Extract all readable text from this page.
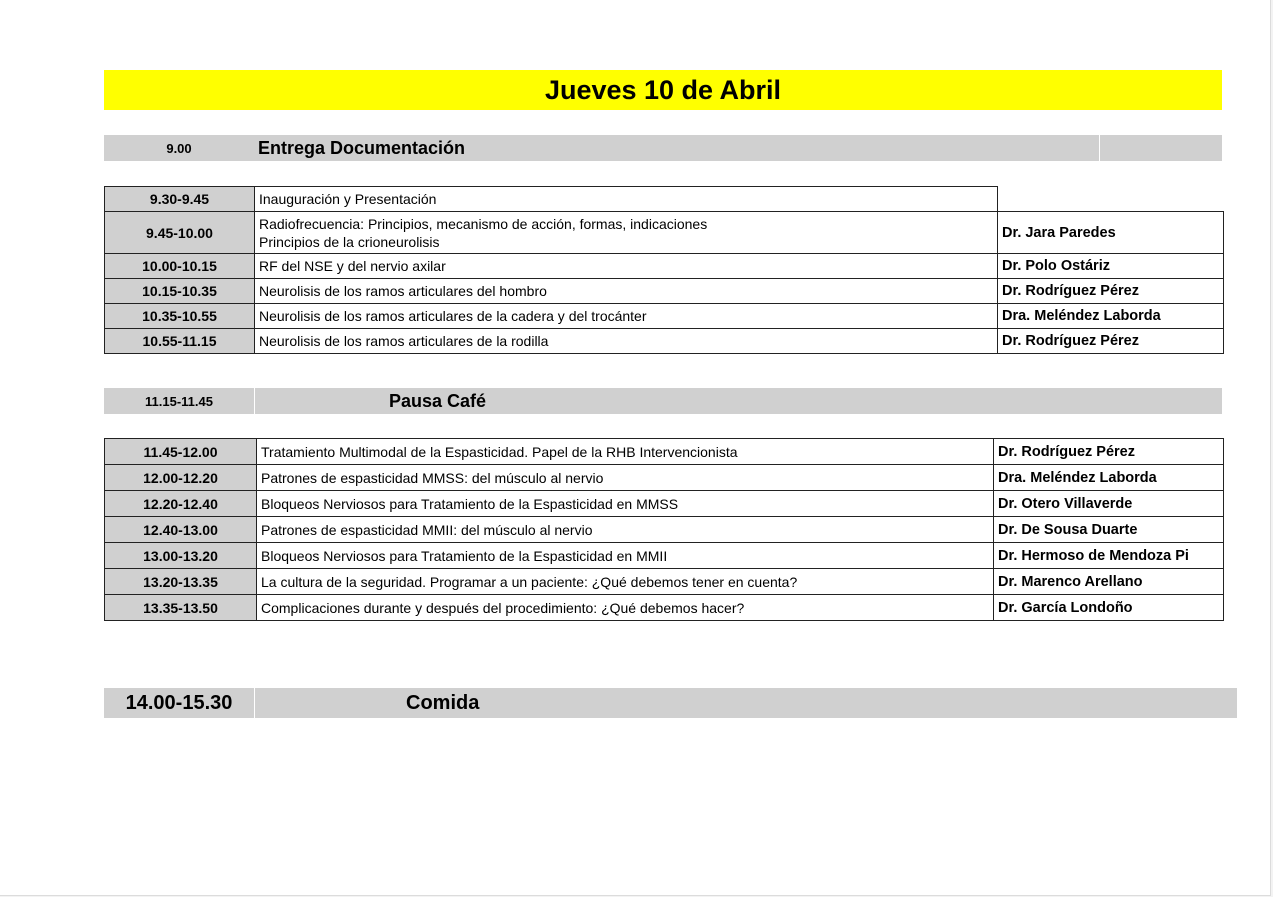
Jueves 10 de Abril
9.00	Entrega Documentación
9.30-9.45	Inauguración y Presentación	

9.45-10.00	Radiofrecuencia: Principios, mecanismo de acción, formas, indicaciones
Principios de la crioneurolisis	Dr. Jara Paredes
10.00-10.15	RF del NSE y del nervio axilar	Dr. Polo Ostáriz
10.15-10.35	Neurolisis de los ramos articulares del hombro	Dr. Rodríguez Pérez
10.35-10.55	Neurolisis de los ramos articulares de la cadera y del trocánter	Dra. Meléndez Laborda
10.55-11.15	Neurolisis de los ramos articulares de la rodilla	Dr. Rodríguez Pérez
11.15-11.45	Pausa Café
11.45-12.00	Tratamiento Multimodal de la Espasticidad. Papel de la RHB Intervencionista	Dr. Rodríguez Pérez
12.00-12.20	Patrones de espasticidad MMSS: del músculo al nervio	Dra. Meléndez Laborda
12.20-12.40	Bloqueos Nerviosos para Tratamiento de la Espasticidad en MMSS	Dr. Otero Villaverde
12.40-13.00	Patrones de espasticidad MMII: del músculo al nervio	Dr. De Sousa Duarte
13.00-13.20	Bloqueos Nerviosos para Tratamiento de la Espasticidad en MMII	Dr. Hermoso de Mendoza Pi
13.20-13.35	La cultura de la seguridad. Programar a un paciente: ¿Qué debemos tener en cuenta?	Dr. Marenco Arellano
13.35-13.50	Complicaciones durante y después del procedimiento: ¿Qué debemos hacer?	Dr. García Londoño
14.00-15.30	Comida
